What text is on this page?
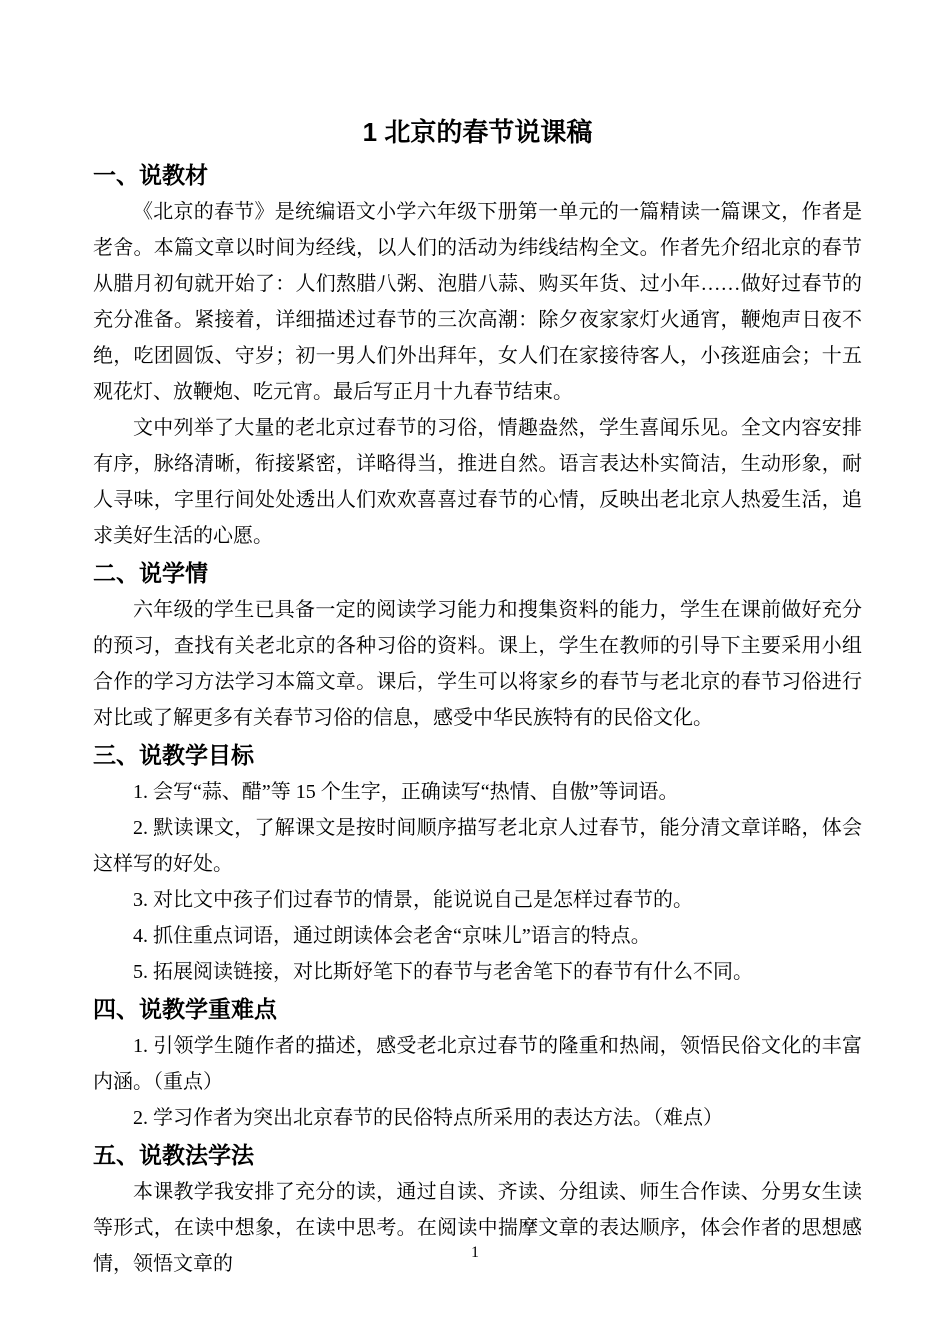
1 北京的春节说课稿
一、说教材

《北京的春节》是统编语文小学六年级下册第一单元的一篇精读一篇课文，作者是老舍。本篇文章以时间为经线，以人们的活动为纬线结构全文。作者先介绍北京的春节从腊月初旬就开始了：人们熬腊八粥、泡腊八蒜、购买年货、过小年……做好过春节的充分准备。紧接着，详细描述过春节的三次高潮：除夕夜家家灯火通宵，鞭炮声日夜不绝，吃团圆饭、守岁；初一男人们外出拜年，女人们在家接待客人，小孩逛庙会；十五观花灯、放鞭炮、吃元宵。最后写正月十九春节结束。

文中列举了大量的老北京过春节的习俗，情趣盎然，学生喜闻乐见。全文内容安排有序，脉络清晰，衔接紧密，详略得当，推进自然。语言表达朴实简洁，生动形象，耐人寻味，字里行间处处透出人们欢欢喜喜过春节的心情，反映出老北京人热爱生活，追求美好生活的心愿。

二、说学情

六年级的学生已具备一定的阅读学习能力和搜集资料的能力，学生在课前做好充分的预习，查找有关老北京的各种习俗的资料。课上，学生在教师的引导下主要采用小组合作的学习方法学习本篇文章。课后，学生可以将家乡的春节与老北京的春节习俗进行对比或了解更多有关春节习俗的信息，感受中华民族特有的民俗文化。

三、说教学目标

1. 会写“蒜、醋”等 15 个生字，正确读写“热情、自傲”等词语。

2. 默读课文，了解课文是按时间顺序描写老北京人过春节，能分清文章详略，体会这样写的好处。

3. 对比文中孩子们过春节的情景，能说说自己是怎样过春节的。

4. 抓住重点词语，通过朗读体会老舍“京味儿”语言的特点。

5. 拓展阅读链接，对比斯妤笔下的春节与老舍笔下的春节有什么不同。

四、说教学重难点

1. 引领学生随作者的描述，感受老北京过春节的隆重和热闹，领悟民俗文化的丰富内涵。（重点）

2. 学习作者为突出北京春节的民俗特点所采用的表达方法。（难点）

五、说教法学法

本课教学我安排了充分的读，通过自读、齐读、分组读、师生合作读、分男女生读等形式，在读中想象，在读中思考。在阅读中揣摩文章的表达顺序，体会作者的思想感情，领悟文章的

1
